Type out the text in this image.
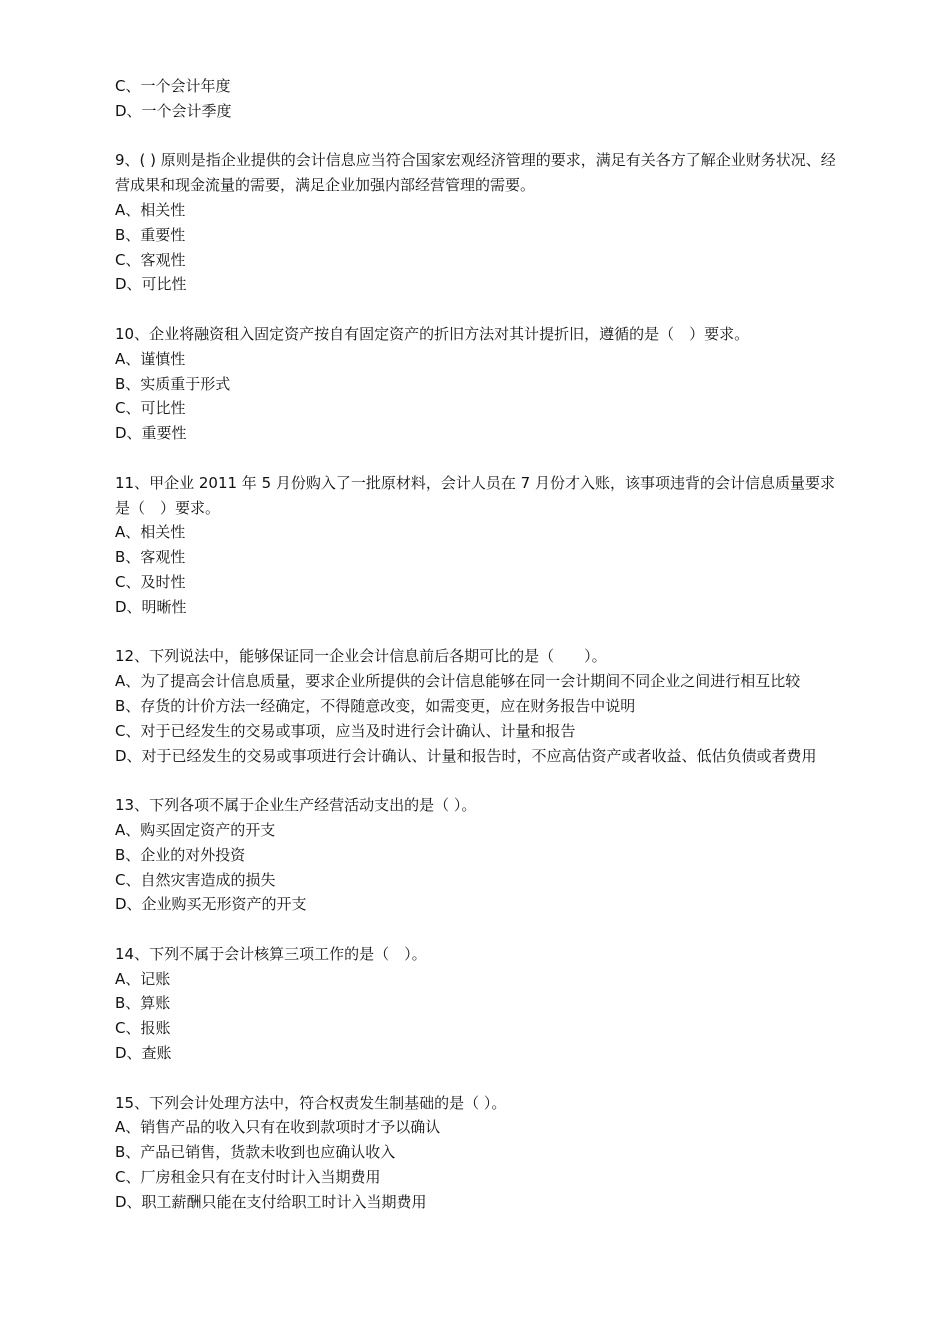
C、一个会计年度

D、一个会计季度

9、( ) 原则是指企业提供的会计信息应当符合国家宏观经济管理的要求，满足有关各方了解企业财务状况、经营成果和现金流量的需要，满足企业加强内部经营管理的需要。

A、相关性

B、重要性

C、客观性

D、可比性

10、企业将融资租入固定资产按自有固定资产的折旧方法对其计提折旧，遵循的是（　）要求。

A、谨慎性

B、实质重于形式

C、可比性

D、重要性

11、甲企业 2011 年 5 月份购入了一批原材料，会计人员在 7 月份才入账，该事项违背的会计信息质量要求是（　）要求。

A、相关性

B、客观性

C、及时性

D、明晰性

12、下列说法中，能够保证同一企业会计信息前后各期可比的是（　　）。

A、为了提高会计信息质量，要求企业所提供的会计信息能够在同一会计期间不同企业之间进行相互比较

B、存货的计价方法一经确定，不得随意改变，如需变更，应在财务报告中说明

C、对于已经发生的交易或事项，应当及时进行会计确认、计量和报告

D、对于已经发生的交易或事项进行会计确认、计量和报告时，不应高估资产或者收益、低估负债或者费用

13、下列各项不属于企业生产经营活动支出的是（ ）。

A、购买固定资产的开支

B、企业的对外投资

C、自然灾害造成的损失

D、企业购买无形资产的开支

14、下列不属于会计核算三项工作的是（　）。

A、记账

B、算账

C、报账

D、查账

15、下列会计处理方法中，符合权责发生制基础的是（ ）。

A、销售产品的收入只有在收到款项时才予以确认

B、产品已销售，货款未收到也应确认收入

C、厂房租金只有在支付时计入当期费用

D、职工薪酬只能在支付给职工时计入当期费用
